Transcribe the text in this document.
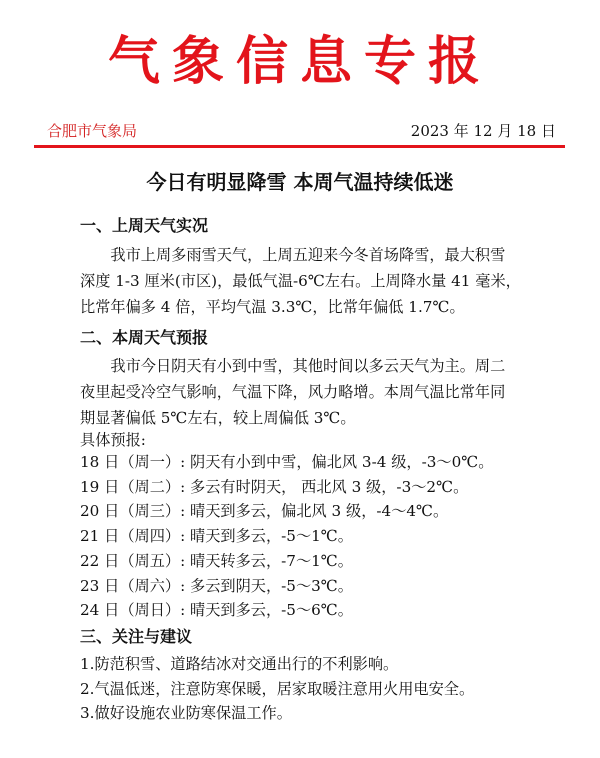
气象信息专报
合肥市气象局	2023 年 12 月 18 日
今日有明显降雪 本周气温持续低迷
一、上周天气实况
　　我市上周多雨雪天气，上周五迎来今冬首场降雪，最大积雪
深度 1-3 厘米(市区)，最低气温-6℃左右。上周降水量 41 毫米，
比常年偏多 4 倍，平均气温 3.3℃，比常年偏低 1.7℃。
二、本周天气预报
　　我市今日阴天有小到中雪，其他时间以多云天气为主。周二
夜里起受冷空气影响，气温下降，风力略增。本周气温比常年同
期显著偏低 5℃左右，较上周偏低 3℃。
具体预报:
18 日（周一）: 阴天有小到中雪，偏北风 3-4 级，-3～0℃。
19 日（周二）: 多云有时阴天， 西北风 3 级，-3～2℃。
20 日（周三）: 晴天到多云，偏北风 3 级，-4～4℃。
21 日（周四）: 晴天到多云，-5～1℃。
22 日（周五）: 晴天转多云，-7～1℃。
23 日（周六）: 多云到阴天，-5～3℃。
24 日（周日）: 晴天到多云，-5～6℃。
三、关注与建议
1.防范积雪、道路结冰对交通出行的不利影响。
2.气温低迷，注意防寒保暖，居家取暖注意用火用电安全。
3.做好设施农业防寒保温工作。
